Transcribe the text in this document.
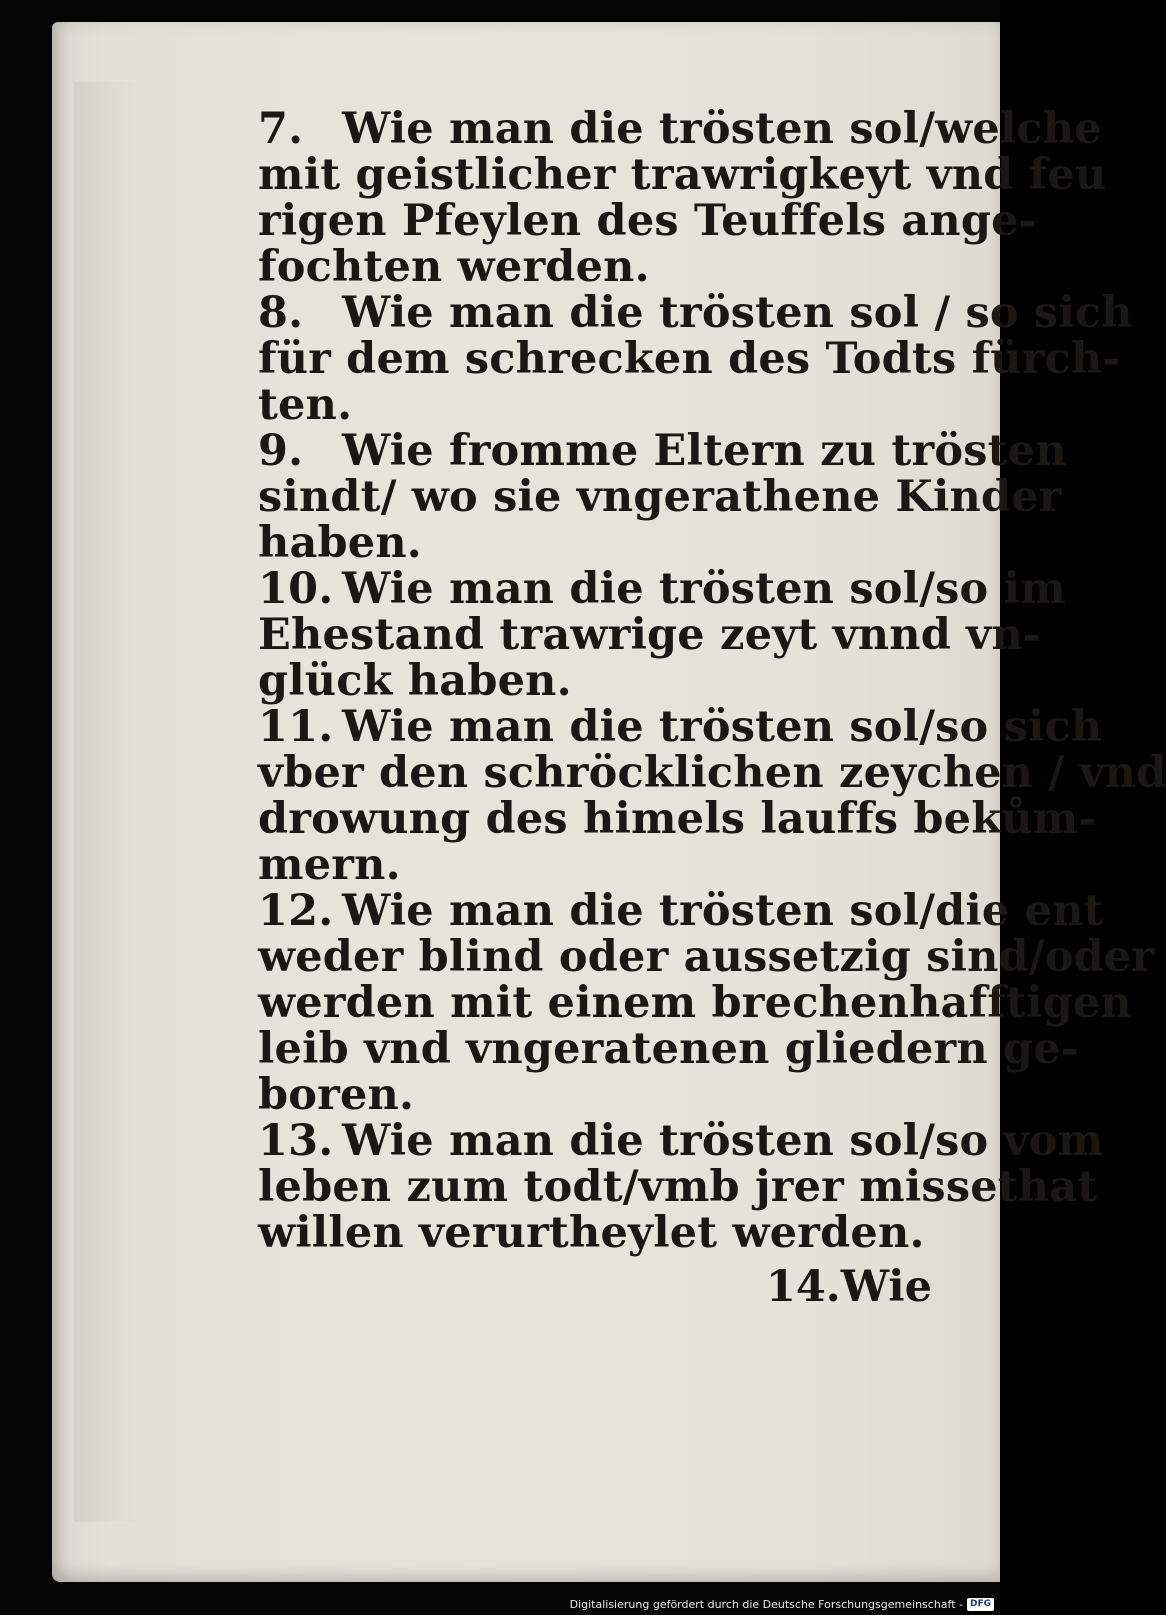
7. Wie man die trösten sol/welche
mit geistlicher trawrigkeyt vnd feu
rigen Pfeylen des Teuffels ange-
fochten werden.
8. Wie man die trösten sol / so sich
für dem schrecken des Todts fürch-
ten.
9. Wie fromme Eltern zu trösten
sindt/ wo sie vngerathene Kinder
haben.
10. Wie man die trösten sol/so im
Ehestand trawrige zeyt vnnd vn-
glück haben.
11. Wie man die trösten sol/so sich
vber den schröcklichen zeychen / vnd
drowung des himels lauffs bekům-
mern.
12. Wie man die trösten sol/die ent
weder blind oder aussetzig sind/oder
werden mit einem brechenhafftigen
leib vnd vngeratenen gliedern ge-
boren.
13. Wie man die trösten sol/so vom
leben zum todt/vmb jrer missethat
willen verurtheylet werden.
14.Wie
Digitalisierung gefördert durch die Deutsche Forschungsgemeinschaft - DFG
